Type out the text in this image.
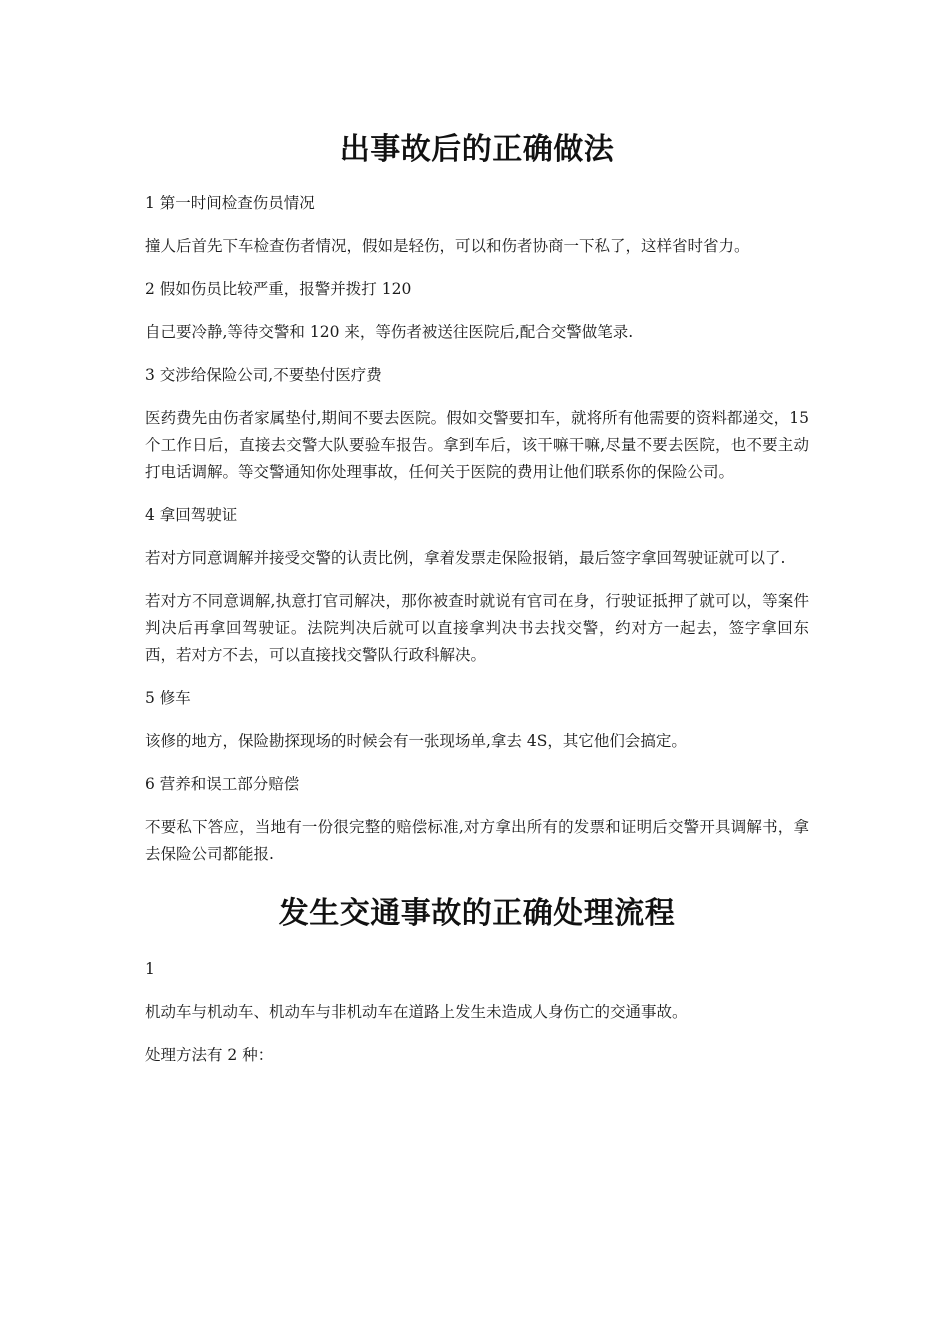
出事故后的正确做法

1 第一时间检查伤员情况

撞人后首先下车检查伤者情况，假如是轻伤，可以和伤者协商一下私了，这样省时省力。

2 假如伤员比较严重，报警并拨打 120

自己要冷静,等待交警和 120 来，等伤者被送往医院后,配合交警做笔录.

3 交涉给保险公司,不要垫付医疗费

医药费先由伤者家属垫付,期间不要去医院。假如交警要扣车，就将所有他需要的资料都递交，15 个工作日后，直接去交警大队要验车报告。拿到车后，该干嘛干嘛,尽量不要去医院，也不要主动打电话调解。等交警通知你处理事故，任何关于医院的费用让他们联系你的保险公司。

4 拿回驾驶证

若对方同意调解并接受交警的认责比例，拿着发票走保险报销，最后签字拿回驾驶证就可以了.

若对方不同意调解,执意打官司解决，那你被查时就说有官司在身，行驶证抵押了就可以，等案件判决后再拿回驾驶证。法院判决后就可以直接拿判决书去找交警，约对方一起去，签字拿回东西，若对方不去，可以直接找交警队行政科解决。

5 修车

该修的地方，保险勘探现场的时候会有一张现场单,拿去 4S，其它他们会搞定。

6 营养和误工部分赔偿

不要私下答应，当地有一份很完整的赔偿标准,对方拿出所有的发票和证明后交警开具调解书，拿去保险公司都能报.

发生交通事故的正确处理流程

1

机动车与机动车、机动车与非机动车在道路上发生未造成人身伤亡的交通事故。

处理方法有 2 种：
